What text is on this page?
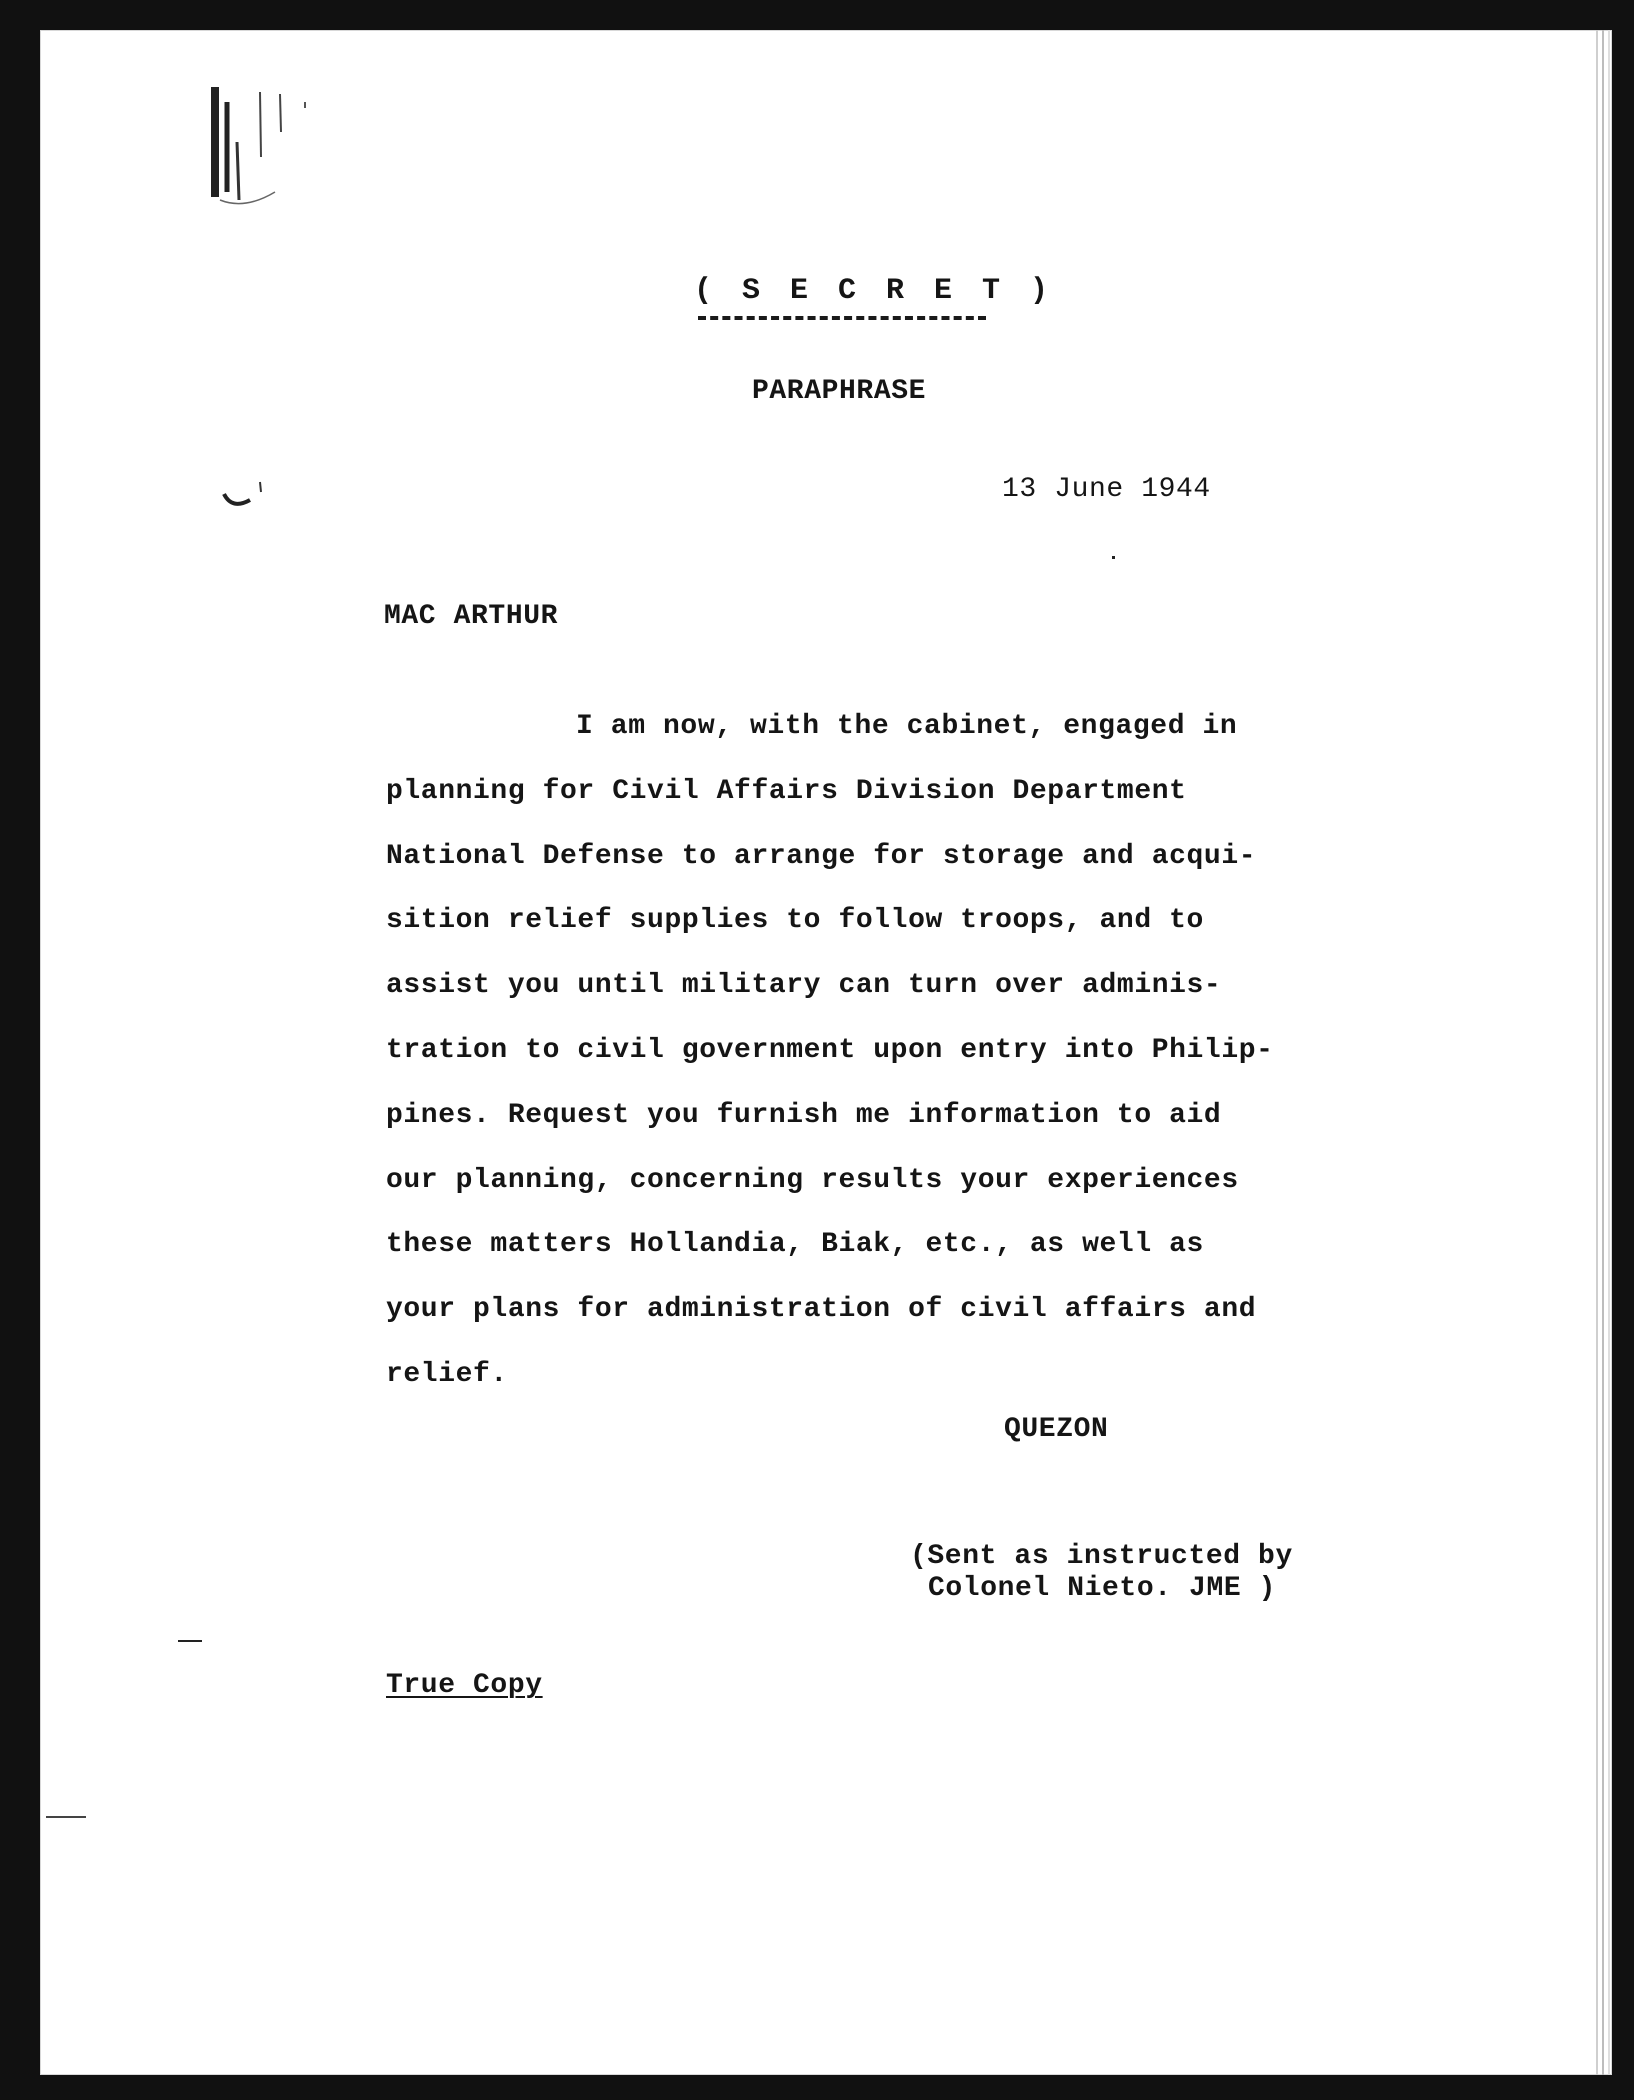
( S E C R E T )
PARAPHRASE
13 June 1944
MAC ARTHUR
I am now, with the cabinet, engaged in
planning for Civil Affairs Division Department
National Defense to arrange for storage and acqui-
sition relief supplies to follow troops, and to
assist you until military can turn over adminis-
tration to civil government upon entry into Philip-
pines. Request you furnish me information to aid
our planning, concerning results your experiences
these matters Hollandia, Biak, etc., as well as
your plans for administration of civil affairs and
relief.
QUEZON
(Sent as instructed by
Colonel Nieto. JME )
True Copy
